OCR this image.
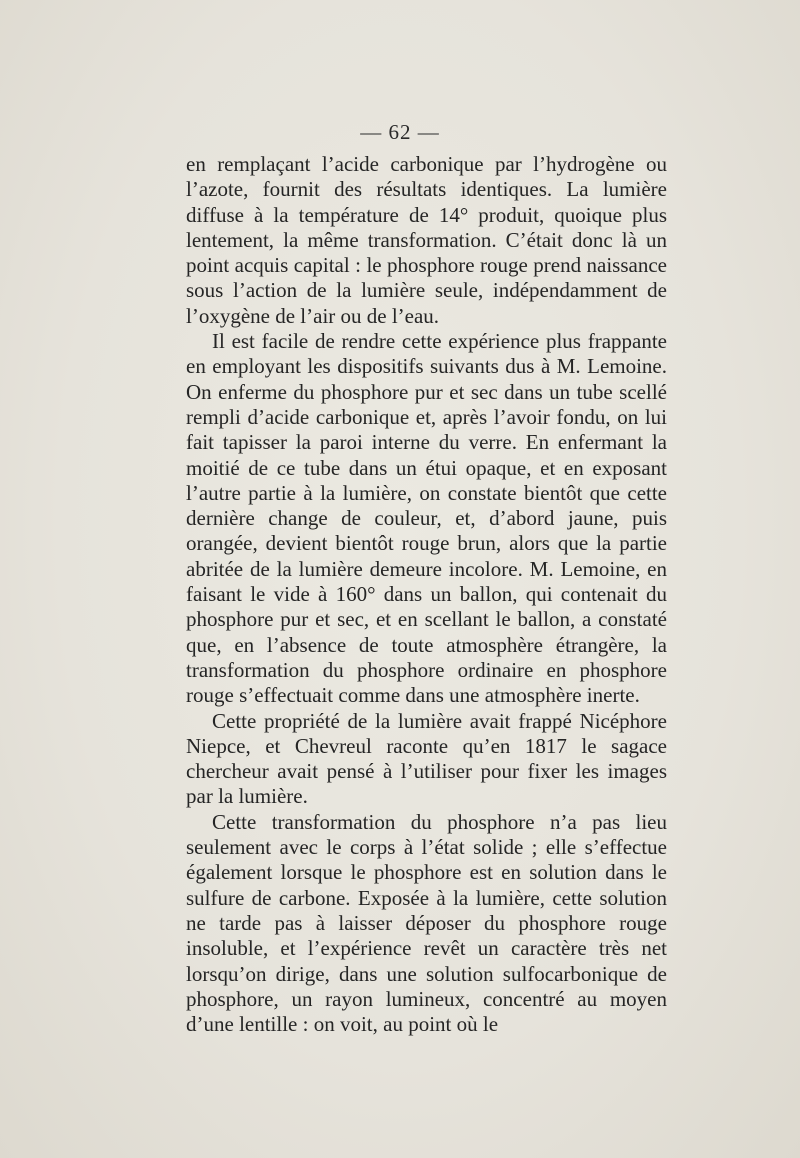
— 62 —

en remplaçant l’acide carbonique par l’hydrogène ou l’azote, fournit des résultats identiques. La lumière diffuse à la température de 14° produit, quoique plus lentement, la même transformation. C’était donc là un point acquis capital : le phosphore rouge prend naissance sous l’action de la lumière seule, indépendamment de l’oxygène de l’air ou de l’eau.

Il est facile de rendre cette expérience plus frappante en employant les dispositifs suivants dus à M. Lemoine. On enferme du phosphore pur et sec dans un tube scellé rempli d’acide carbonique et, après l’avoir fondu, on lui fait tapisser la paroi interne du verre. En enfermant la moitié de ce tube dans un étui opaque, et en exposant l’autre partie à la lumière, on constate bientôt que cette dernière change de couleur, et, d’abord jaune, puis orangée, devient bientôt rouge brun, alors que la partie abritée de la lumière demeure incolore. M. Lemoine, en faisant le vide à 160° dans un ballon, qui contenait du phosphore pur et sec, et en scellant le ballon, a constaté que, en l’absence de toute atmosphère étrangère, la transformation du phosphore ordinaire en phosphore rouge s’effectuait comme dans une atmosphère inerte.

Cette propriété de la lumière avait frappé Nicéphore Niepce, et Chevreul raconte qu’en 1817 le sagace chercheur avait pensé à l’utiliser pour fixer les images par la lumière.

Cette transformation du phosphore n’a pas lieu seulement avec le corps à l’état solide ; elle s’effectue également lorsque le phosphore est en solution dans le sulfure de carbone. Exposée à la lumière, cette solution ne tarde pas à laisser déposer du phosphore rouge insoluble, et l’expérience revêt un caractère très net lorsqu’on dirige, dans une solution sulfocarbonique de phosphore, un rayon lumineux, concentré au moyen d’une lentille : on voit, au point où le
